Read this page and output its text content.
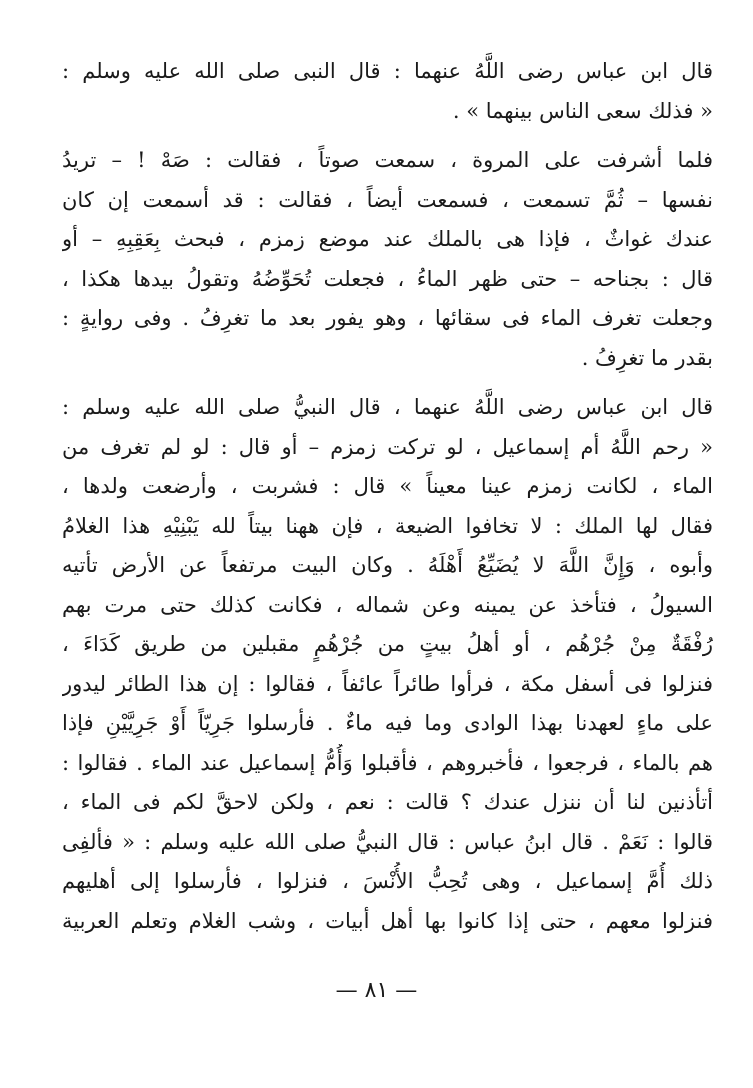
قال ابن عباس رضى اللَّهُ عنهما : قال النبى صلى الله عليه وسلم :
« فذلك سعى الناس بينهما » .
فلما أشرفت على المروة ، سمعت صوتاً ، فقالت : صَهْ ! – تريدُ
نفسها – ثُمَّ تسمعت ، فسمعت أيضاً ، فقالت : قد أسمعت إن كان
عندك غواثٌ ، فإذا هى بالملك عند موضع زمزم ، فبحث بِعَقِبِهِ – أو
قال : بجناحه – حتى ظهر الماءُ ، فجعلت تُحَوِّضُهُ وتقولُ بيدها هكذا ،
وجعلت تغرف الماء فى سقائها ، وهو يفور بعد ما تغرِفُ . وفى روايةٍ :
بقدر ما تغرِفُ .
قال ابن عباس رضى اللَّهُ عنهما ، قال النبيُّ صلى الله عليه وسلم :
« رحم اللَّهُ أم إسماعيل ، لو تركت زمزم – أو قال : لو لم تغرف من
الماء ، لكانت زمزم عينا معيناً » قال : فشربت ، وأرضعت ولدها ،
فقال لها الملك : لا تخافوا الضيعة ، فإن ههنا بيتاً لله يَبْنِيْهِ هذا الغلامُ
وأبوه ، وَإِنَّ اللَّهَ لا يُضَيِّعُ أَهْلَهُ . وكان البيت مرتفعاً عن الأرض تأتيه
السيولُ ، فتأخذ عن يمينه وعن شماله ، فكانت كذلك حتى مرت بهم
رُفْقَةٌ مِنْ جُرْهُم ، أو أهلُ بيتٍ من جُرْهُمٍ مقبلين من طريق كَدَاءَ ،
فنزلوا فى أسفل مكة ، فرأوا طائراً عائفاً ، فقالوا : إن هذا الطائر ليدور
على ماءٍ لعهدنا بهذا الوادى وما فيه ماءٌ . فأرسلوا جَرِيّاً أَوْ جَرِيَّيْنِ فإذا
هم بالماء ، فرجعوا ، فأخبروهم ، فأقبلوا وَأُمُّ إسماعيل عند الماء . فقالوا :
أتأذنين لنا أن ننزل عندك ؟ قالت : نعم ، ولكن لاحقَّ لكم فى الماء ،
قالوا : نَعَمْ . قال ابنُ عباس : قال النبيُّ صلى الله عليه وسلم : « فألفِى
ذلك أُمَّ إسماعيل ، وهى تُحِبُّ الأُنْسَ ، فنزلوا ، فأرسلوا إلى أهليهم
فنزلوا معهم ، حتى إذا كانوا بها أهل أبيات ، وشب الغلام وتعلم العربية
— ٨١ —
